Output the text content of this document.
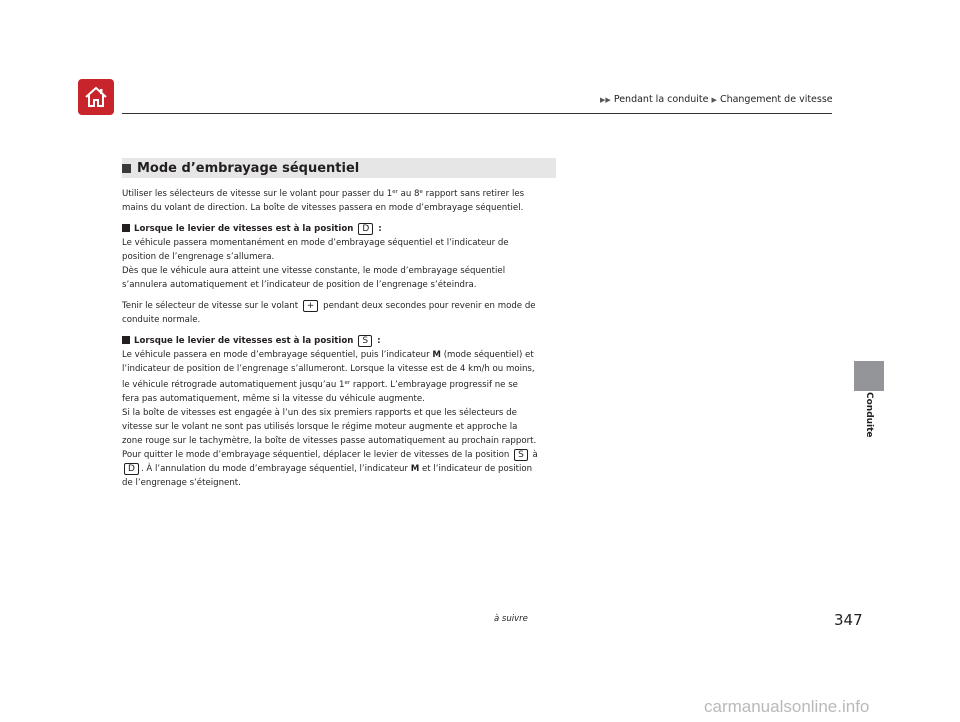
▶▶ Pendant la conduite ▶ Changement de vitesse
Conduite
Mode d’embrayage séquentiel

Utiliser les sélecteurs de vitesse sur le volant pour passer du 1er au 8e rapport sans retirer les
mains du volant de direction. La boîte de vitesses passera en mode d’embrayage séquentiel.

Lorsque le levier de vitesses est à la position D :

Le véhicule passera momentanément en mode d’embrayage séquentiel et l’indicateur de
position de l’engrenage s’allumera.
Dès que le véhicule aura atteint une vitesse constante, le mode d’embrayage séquentiel
s’annulera automatiquement et l’indicateur de position de l’engrenage s’éteindra.

Tenir le sélecteur de vitesse sur le volant + pendant deux secondes pour revenir en mode de
conduite normale.

Lorsque le levier de vitesses est à la position S :

Le véhicule passera en mode d’embrayage séquentiel, puis l’indicateur M (mode séquentiel) et
l’indicateur de position de l’engrenage s’allumeront. Lorsque la vitesse est de 4 km/h ou moins,
le véhicule rétrograde automatiquement jusqu’au 1er rapport. L’embrayage progressif ne se
fera pas automatiquement, même si la vitesse du véhicule augmente.
Si la boîte de vitesses est engagée à l’un des six premiers rapports et que les sélecteurs de
vitesse sur le volant ne sont pas utilisés lorsque le régime moteur augmente et approche la
zone rouge sur le tachymètre, la boîte de vitesses passe automatiquement au prochain rapport.
Pour quitter le mode d’embrayage séquentiel, déplacer le levier de vitesses de la position S à
D . À l’annulation du mode d’embrayage séquentiel, l’indicateur M et l’indicateur de position
de l’engrenage s’éteignent.

à suivre	347
carmanualsonline.info
